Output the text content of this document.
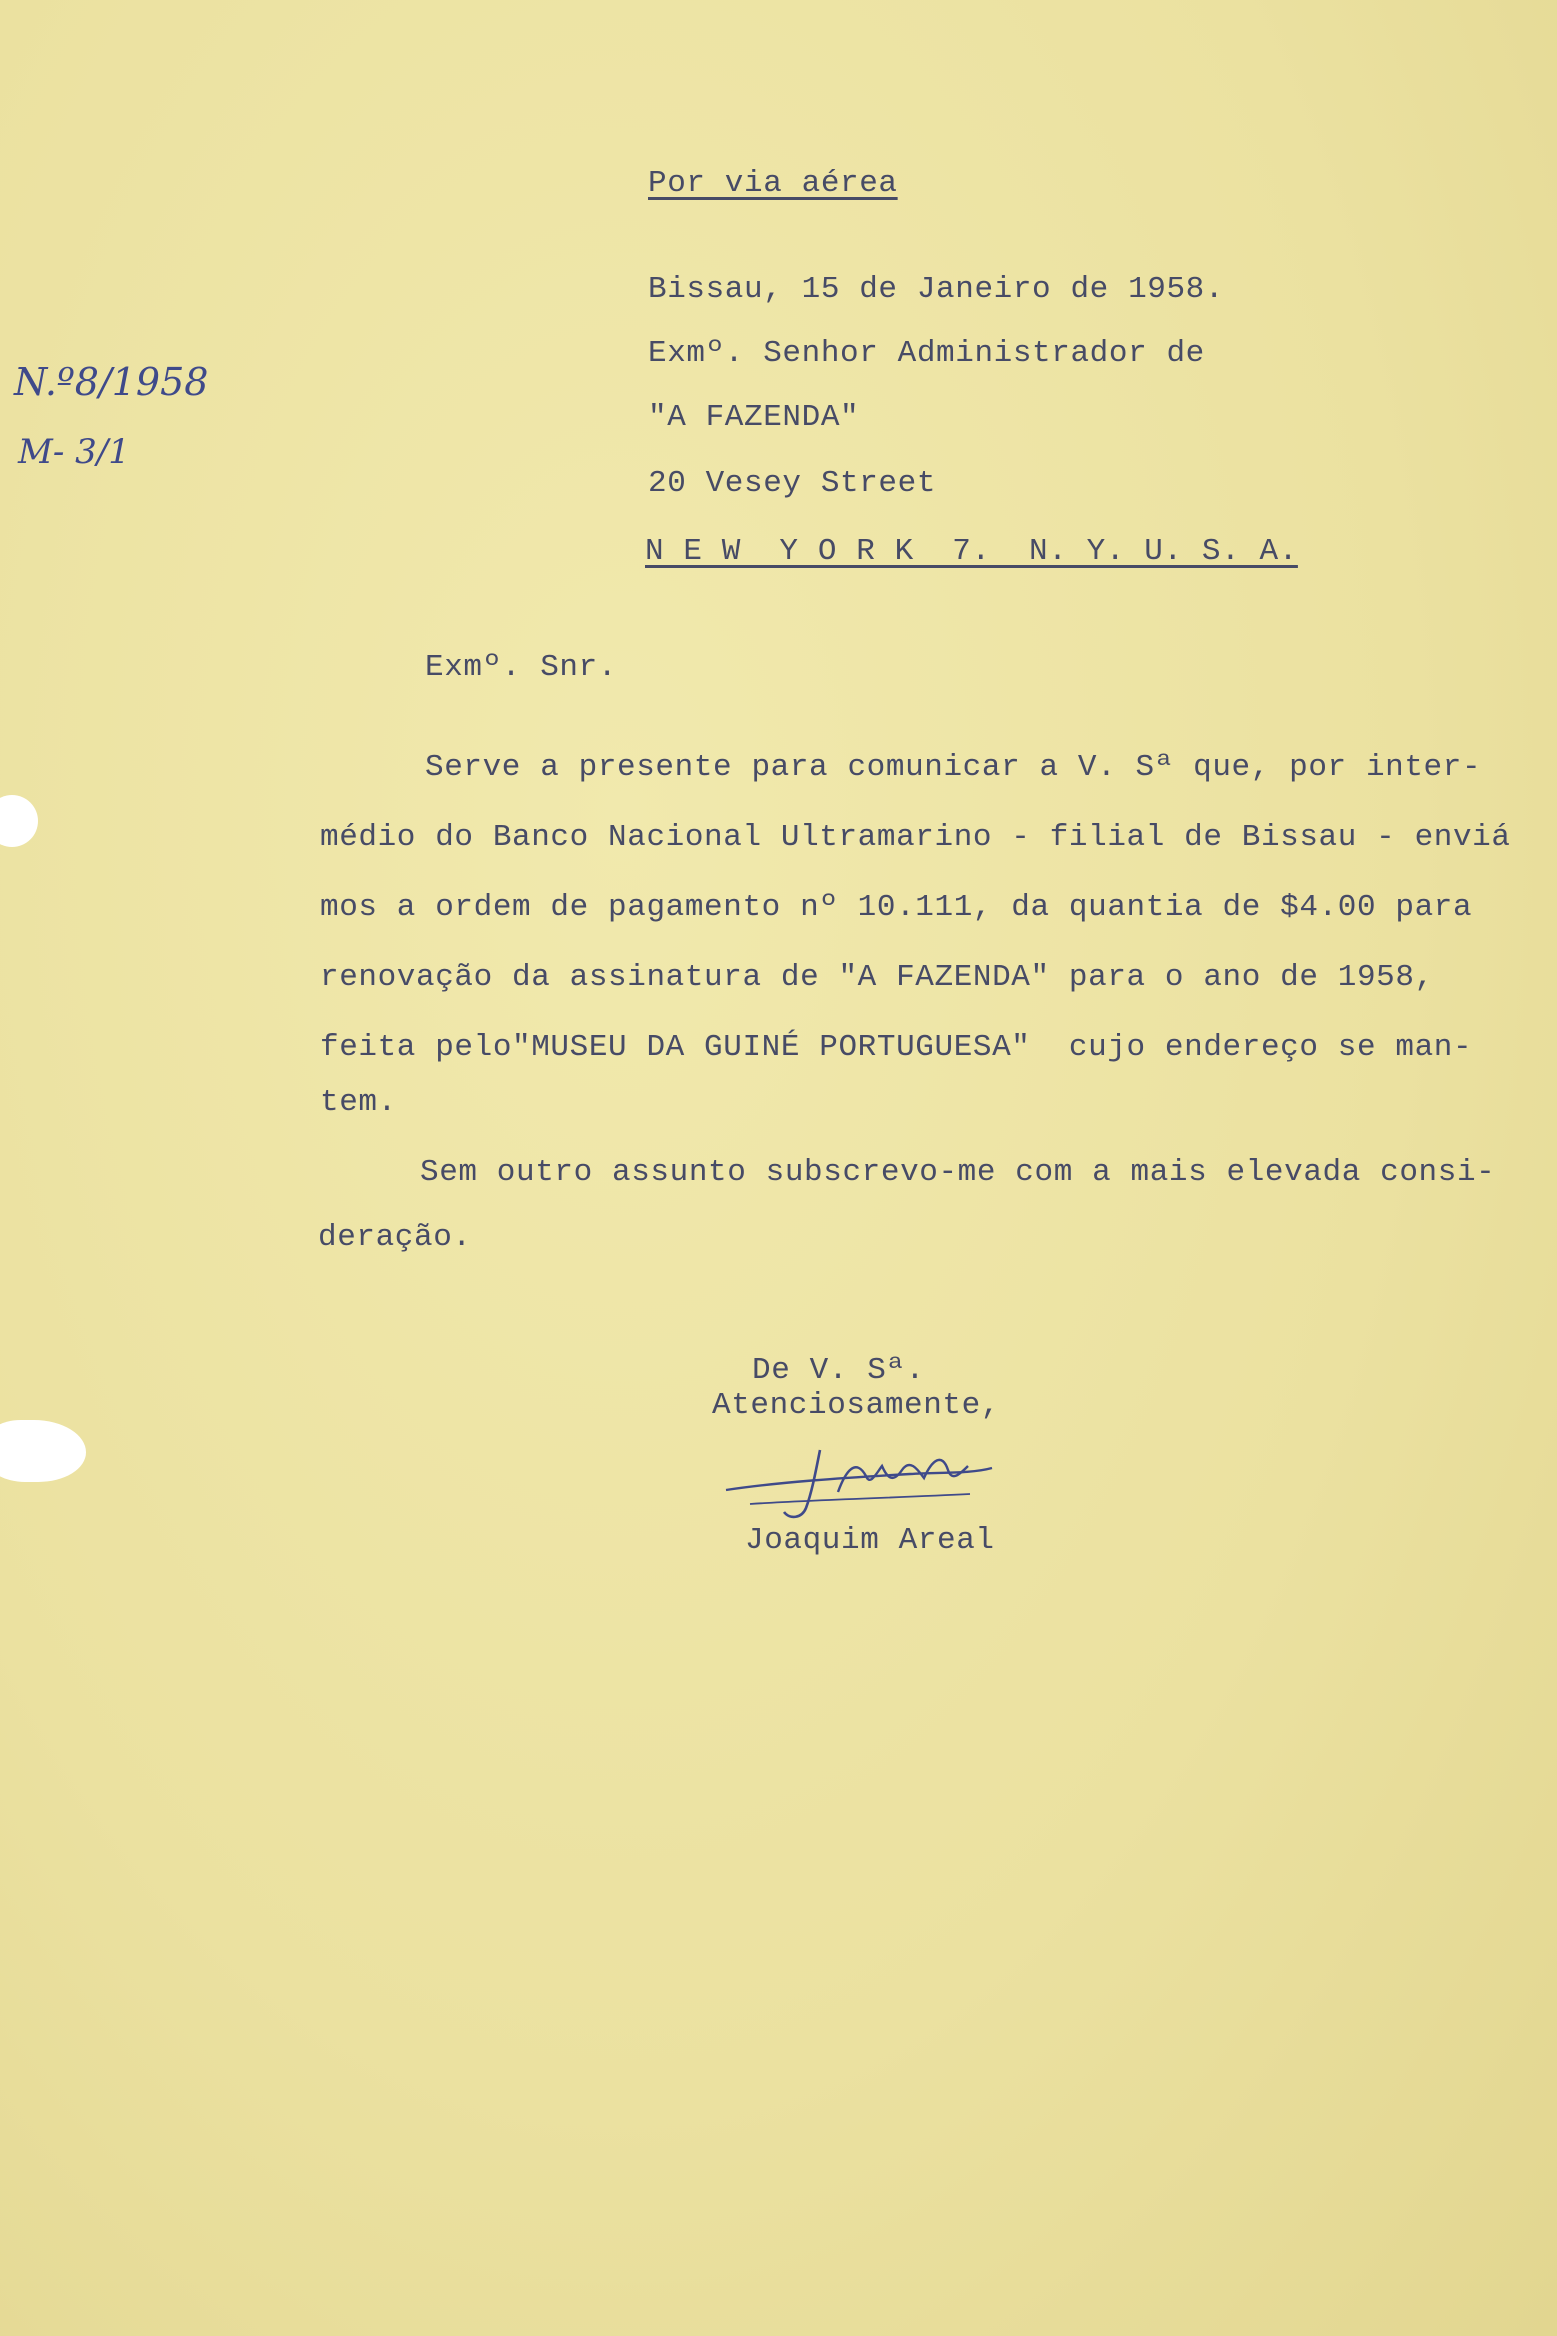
N.º8/1958
M- 3/1
Por via aérea
Bissau, 15 de Janeiro de 1958.
Exmº. Senhor Administrador de
"A FAZENDA"
20 Vesey Street
N E W  Y O R K  7.  N. Y. U. S. A.
Exmº. Snr.
Serve a presente para comunicar a V. Sª que, por inter-
médio do Banco Nacional Ultramarino - filial de Bissau - enviá
mos a ordem de pagamento nº 10.111, da quantia de $4.00 para
renovação da assinatura de "A FAZENDA" para o ano de 1958,
feita pelo"MUSEU DA GUINÉ PORTUGUESA"  cujo endereço se man-
tem.
Sem outro assunto subscrevo-me com a mais elevada consi-
deração.
De V. Sª.
Atenciosamente,
Joaquim Areal
